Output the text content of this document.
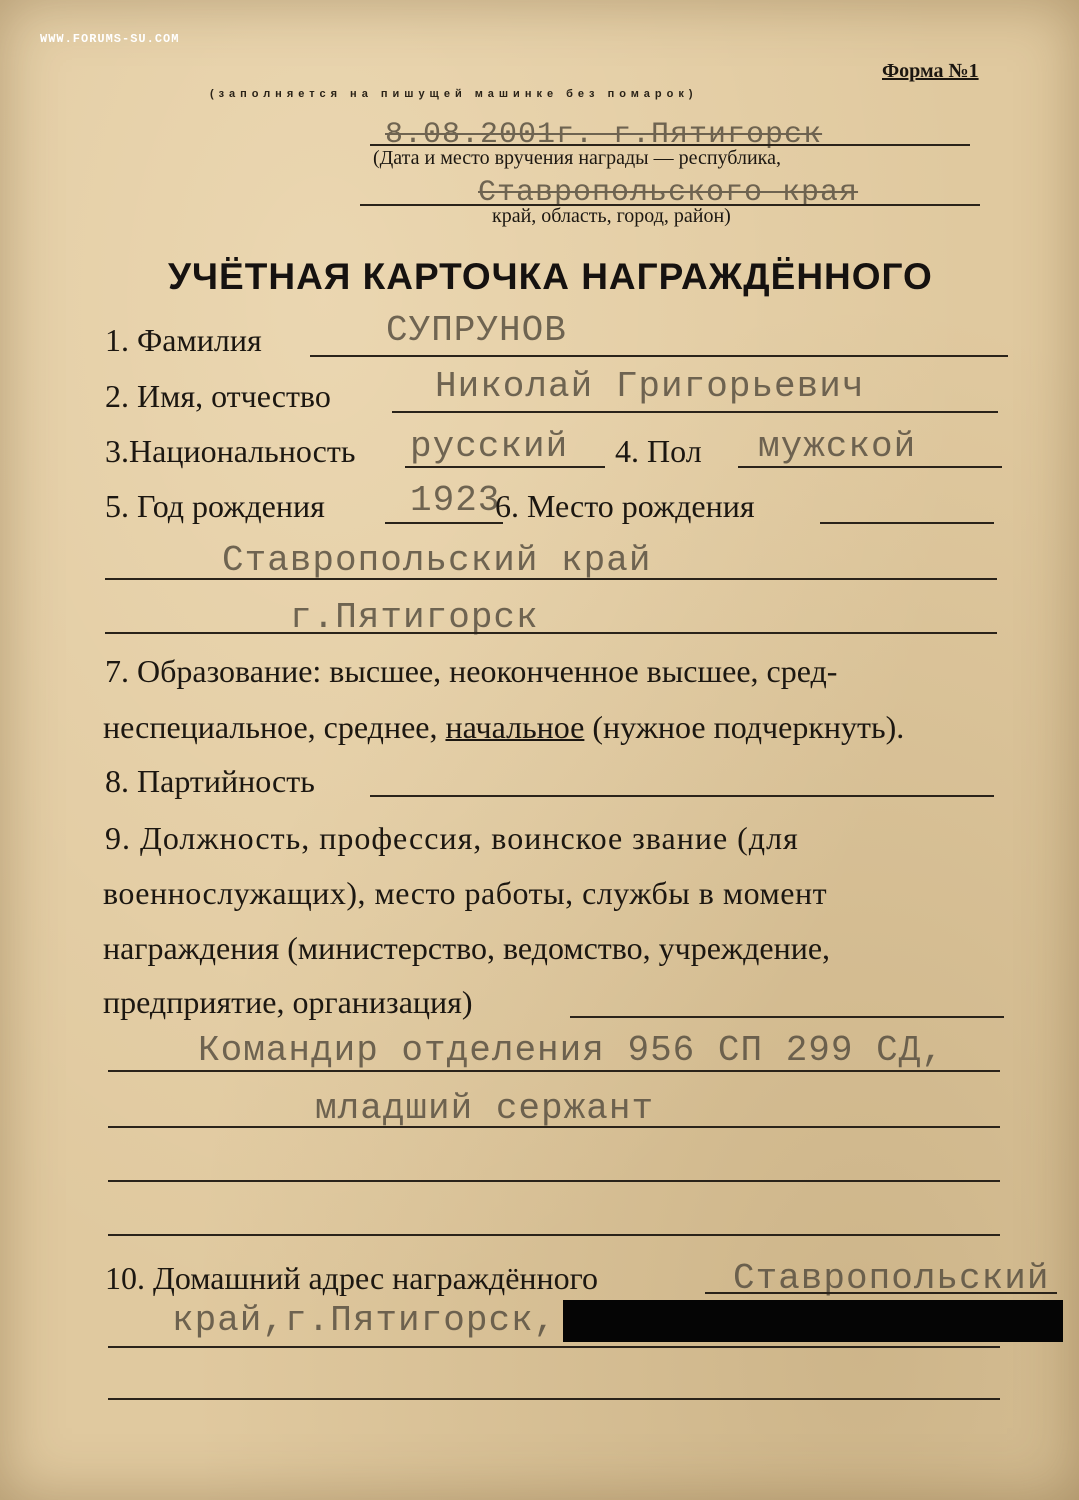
WWW.FORUMS-SU.COM
Форма №1
(заполняется на пишущей машинке без помарок)
8.08.2001г. г.Пятигорск
(Дата и место вручения награды — республика,
Ставропольского края
край, область, город, район)
УЧЁТНАЯ КАРТОЧКА НАГРАЖДЁННОГО
1. Фамилия	СУПРУНОВ
2. Имя, отчество	Николай Григорьевич
3.Национальность русский 4. Пол мужской
5. Год рождения 1923
6. Место рождения
Ставропольский край
г.Пятигорск
7. Образование: высшее, неоконченное высшее, сред-
неспециальное, среднее, начальное (нужное подчеркнуть).
8. Партийность
9. Должность, профессия, воинское звание (для
военнослужащих), место работы, службы в момент
награждения (министерство, ведомство, учреждение,
предприятие, организация)
Командир отделения 956 СП 299 СД,
младший сержант
10. Домашний адрес награждённого	Ставропольский
край,г.Пятигорск,
